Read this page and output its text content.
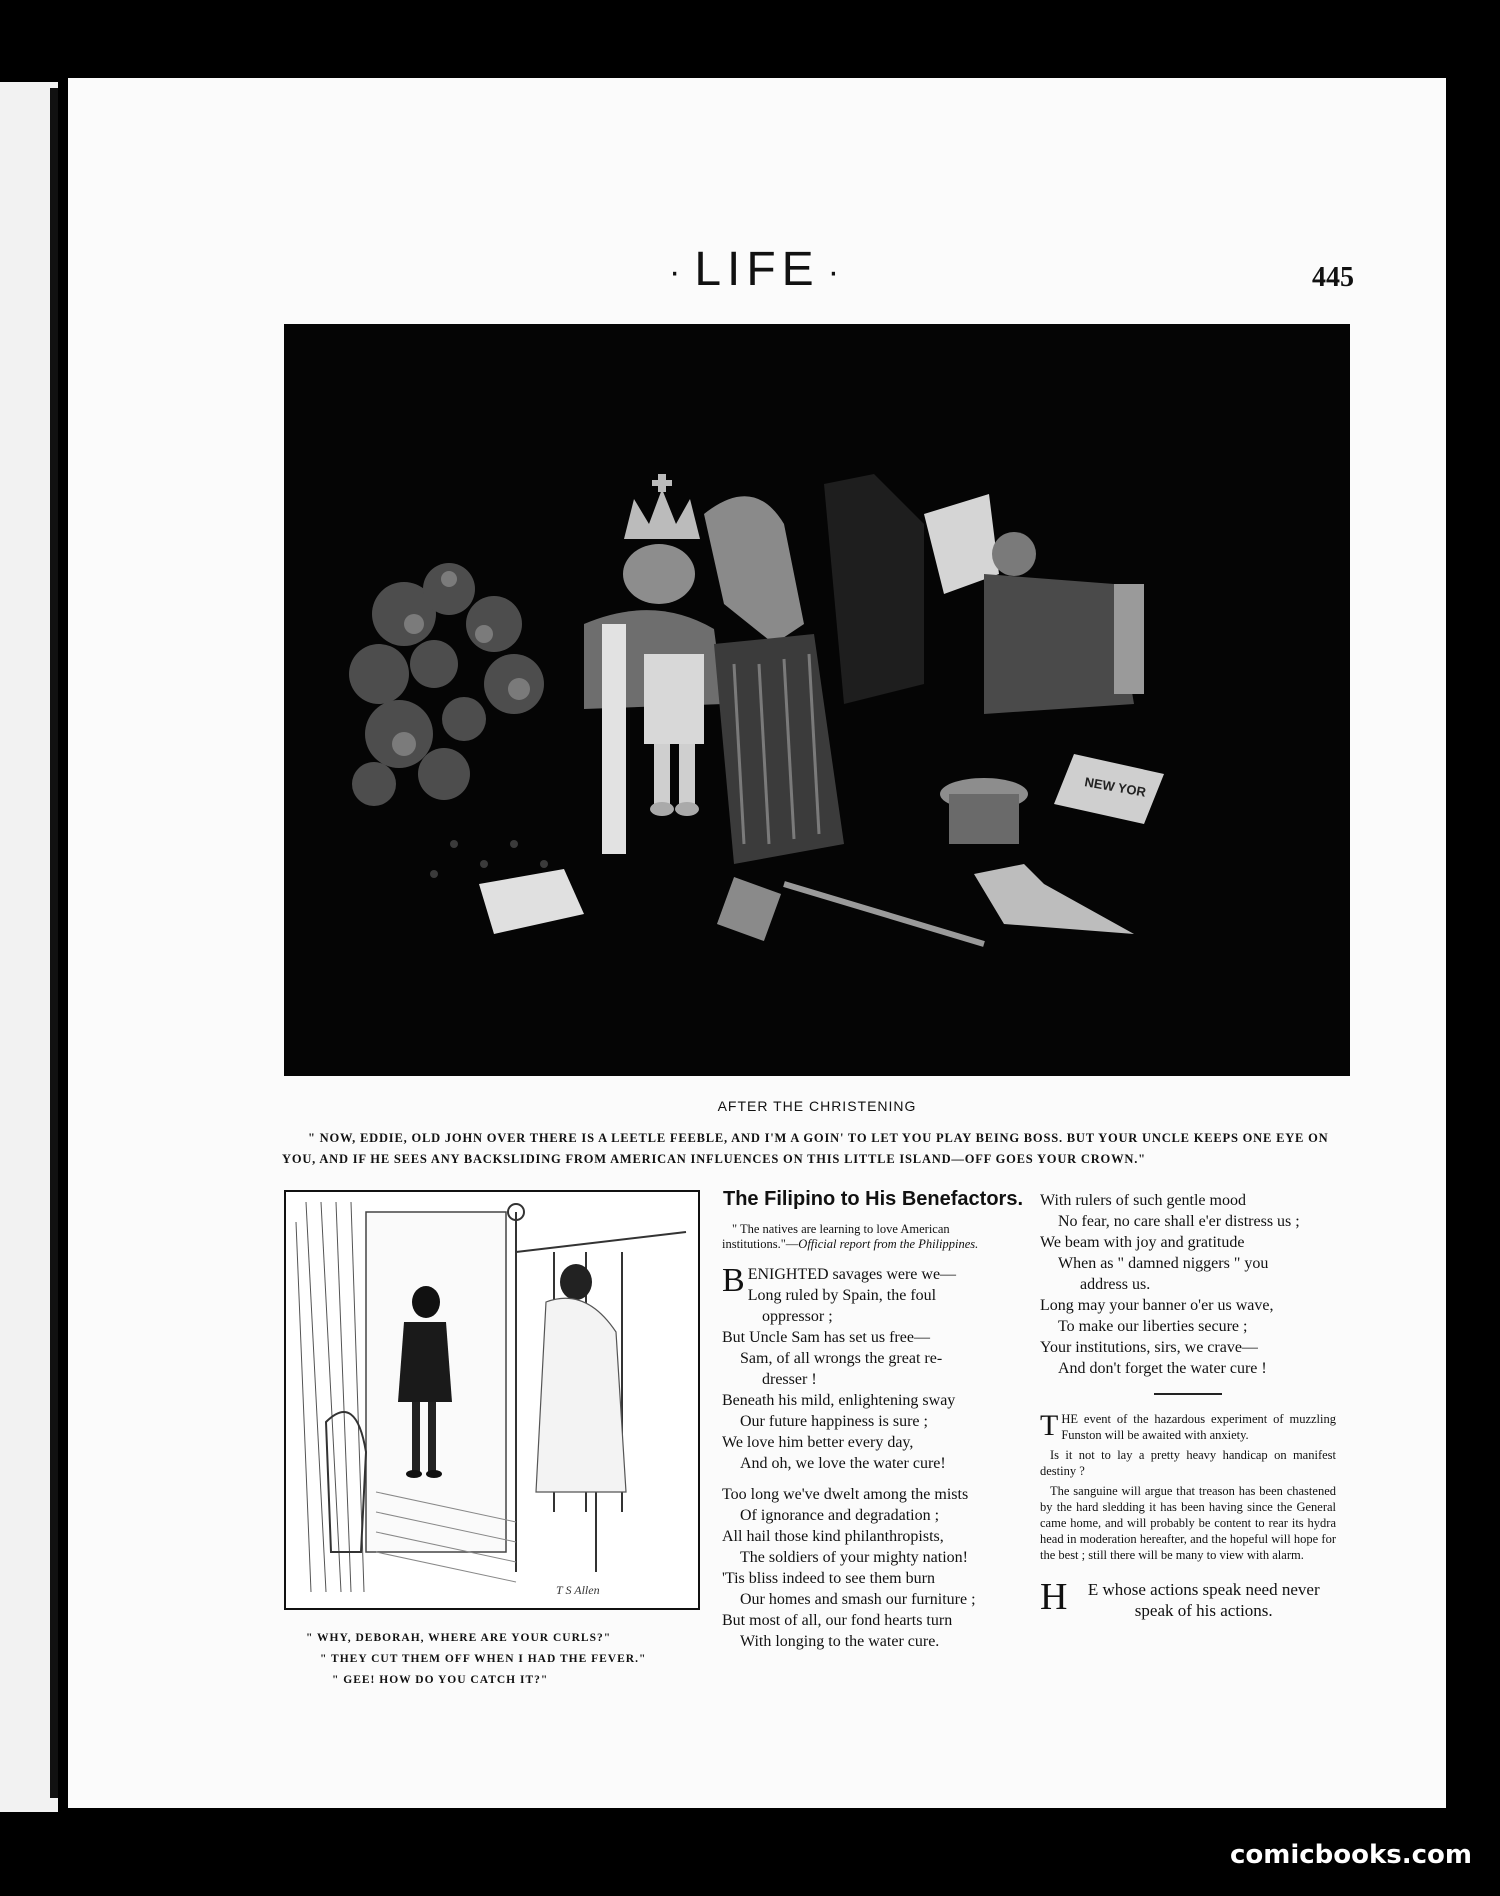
· LIFE ·	445
NEW YOR
AFTER THE CHRISTENING
" NOW, EDDIE, OLD JOHN OVER THERE IS A LEETLE FEEBLE, AND I'M A GOIN' TO LET YOU PLAY BEING BOSS. BUT YOUR UNCLE KEEPS ONE EYE ON YOU, AND IF HE SEES ANY BACKSLIDING FROM AMERICAN INFLUENCES ON THIS LITTLE ISLAND—OFF GOES YOUR CROWN."
T S Allen
" WHY, DEBORAH, WHERE ARE YOUR CURLS?"
" THEY CUT THEM OFF WHEN I HAD THE FEVER."
" GEE! HOW DO YOU CATCH IT?"
The Filipino to His Benefactors.
" The natives are learning to love American institutions."—Official report from the Philippines.
BENIGHTED savages were we—
Long ruled by Spain, the foul
oppressor ;
But Uncle Sam has set us free—
Sam, of all wrongs the great re-
dresser !
Beneath his mild, enlightening sway
Our future happiness is sure ;
We love him better every day,
And oh, we love the water cure!
Too long we've dwelt among the mists
Of ignorance and degradation ;
All hail those kind philanthropists,
The soldiers of your mighty nation!
'Tis bliss indeed to see them burn
Our homes and smash our furniture ;
But most of all, our fond hearts turn
With longing to the water cure.
With rulers of such gentle mood
No fear, no care shall e'er distress us ;
We beam with joy and gratitude
When as " damned niggers " you
address us.
Long may your banner o'er us wave,
To make our liberties secure ;
Your institutions, sirs, we crave—
And don't forget the water cure !
THE event of the hazardous experiment of muzzling Funston will be awaited with anxiety.
Is it not to lay a pretty heavy handicap on manifest destiny ?
The sanguine will argue that treason has been chastened by the hard sledding it has been having since the General came home, and will probably be content to rear its hydra head in moderation hereafter, and the hopeful will hope for the best ; still there will be many to view with alarm.
H E whose actions speak need never speak of his actions.
comicbooks.com
